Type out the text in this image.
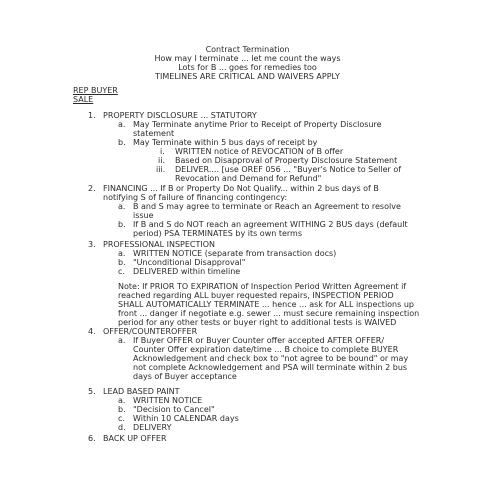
Contract Termination
How may I terminate ... let me count the ways
Lots for B ... goes for remedies too
TIMELINES ARE CRITICAL AND WAIVERS APPLY
REP BUYER
SALE
1. PROPERTY DISCLOSURE ... STATUTORY
a. May Terminate anytime Prior to Receipt of Property Disclosure
statement
b. May Terminate within 5 bus days of receipt by
i. WRITTEN notice of REVOCATION of B offer
ii. Based on Disapproval of Property Disclosure Statement
iii. DELIVER.... [use OREF 056 ... "Buyer's Notice to Seller of
Revocation and Demand for Refund"
2. FINANCING ... If B or Property Do Not Qualify... within 2 bus days of B
notifying S of failure of financing contingency:
a. B and S may agree to terminate or Reach an Agreement to resolve
issue
b. If B and S do NOT reach an agreement WITHING 2 BUS days (default
period) PSA TERMINATES by its own terms
3. PROFESSIONAL INSPECTION
a. WRITTEN NOTICE (separate from transaction docs)
b. "Unconditional Disapproval"
c. DELIVERED within timeline
Note: If PRIOR TO EXPIRATION of Inspection Period Written Agreement if
reached regarding ALL buyer requested repairs, INSPECTION PERIOD
SHALL AUTOMATICALLY TERMINATE ... hence ... ask for ALL inspections up
front ... danger if negotiate e.g. sewer ... must secure remaining inspection
period for any other tests or buyer right to additional tests is WAIVED
4. OFFER/COUNTEROFFER
a. If Buyer OFFER or Buyer Counter offer accepted AFTER OFFER/
Counter Offer expiration date/time ... B choice to complete BUYER
Acknowledgement and check box to "not agree to be bound" or may
not complete Acknowledgement and PSA will terminate within 2 bus
days of Buyer acceptance
5. LEAD BASED PAINT
a. WRITTEN NOTICE
b. "Decision to Cancel"
c. Within 10 CALENDAR days
d. DELIVERY
6. BACK UP OFFER
